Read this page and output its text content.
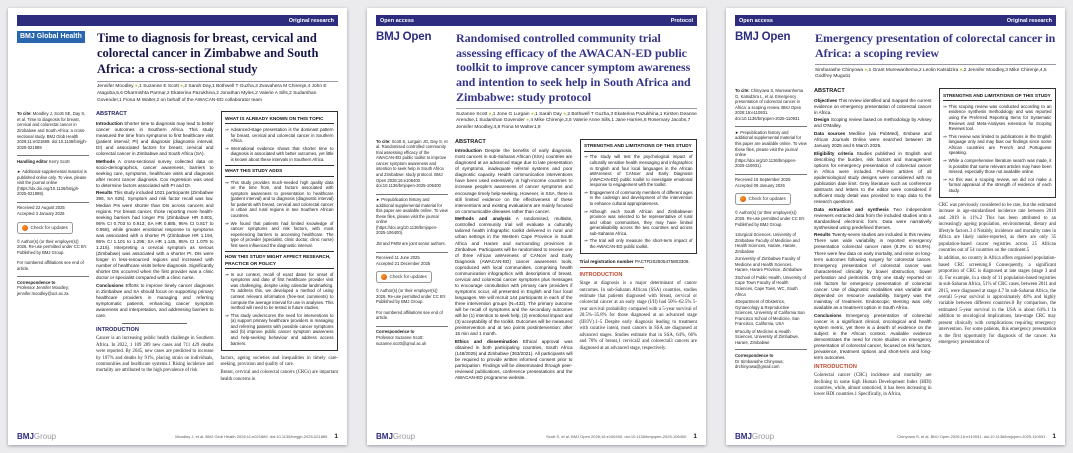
Original research
BMJ Global Health Time to diagnosis for breast, cervical and colorectal cancer in Zimbabwe and South Africa: a cross-sectional study
Jennifer Moodley ●,1 Suzanne E Scott ●,2 Sarah Day,1 Bothwell T Guzha,3 Zvavahera M Chirenje,4 John E Ataguba,5,6 Dharmishta Parmar,2 Ekaterina Pazukhina,2 Jonathan Myles,2 Valerie A Sills,2 Sudarshan Govender,1 Fiona M Walter,2 on behalf of the AWACAN-ED collaborator team
To cite: Moodley J, Scott SE, Day S, et al. Time to diagnosis for breast, cervical and colorectal cancer in Zimbabwe and South Africa: a cross-sectional study. BMJ Glob Health 2026;11:e021889. doi:10.1136/bmjgh-2025-021889
Handling editor Kerry Scott
► Additional supplemental material is published online only. To view, please visit the journal online (https://dx.doi.org/10.1136/bmjgh-2025-021889).
Received 22 August 2025
Accepted 3 January 2026
Check for updates
© Author(s) (or their employer(s)) 2026. Re-use permitted under CC BY. Published by BMJ Group.
For numbered affiliations see end of article.
Correspondence to
Professor Jennifer Moodley; jennifer.moodley@uct.ac.za
ABSTRACT

Introduction Shorter time to diagnosis may lead to better cancer outcomes in Southern Africa. This study measured the time from symptoms to first healthcare visit (patient interval; PI) and diagnosis (diagnostic interval; DI) and associated factors for breast, cervical and colorectal cancer in Zimbabwe and South Africa (SA).

Methods A cross-sectional survey collected data on socio-demographics, cancer awareness, barriers to seeking care, symptoms, healthcare visits and diagnosis after recent cancer diagnosis. Cox regression was used to determine factors associated with PI and DI.

Results This study included 1021 participants (Zimbabwe 396, SA 625). Symptom and risk factor recall was low. Median PIs were shorter than DIs across cancers and regions. For breast cancer, those reporting more health-seeking barriers had longer PIs (Zimbabwe HR 0.801, 95% CI 0.703 to 0.913; SA HR 0.885, 95% CI 0.817 to 0.958), while greater emotional response to symptoms was associated with a shorter PI (Zimbabwe HR 1.194, 95% CI 1.101 to 1.295; SA HR 1.145, 95% CI 1.079 to 1.216). Interpreting a cervical symptom as serious (Zimbabwe) was associated with a shorter PI. DIs were longer in less-resourced regions and increased with number of healthcare visits before diagnosis. Significantly shorter DIs occurred when the first provider was a clinic doctor or specialist compared with a clinic nurse.

Conclusions Efforts to improve timely cancer diagnosis in Zimbabwe and SA should focus on supporting primary healthcare providers in managing and referring symptomatic patients, enhancing cancer symptom awareness and interpretation, and addressing barriers to care.

INTRODUCTION
Cancer is an increasing public health challenge in Southern Africa. In 2022, 1 109 209 new cases and 711 429 deaths were reported. By 2045, new cases are predicted to increase by 107% and deaths by 91%, placing strain on individuals, communities and healthcare systems.1 Rising incidence and mortality are attributed to the high prevalence of risk
WHAT IS ALREADY KNOWN ON THIS TOPIC
⇒ Advanced-stage presentation is the dominant pattern for breast, cervical and colorectal cancer in Southern Africa.
⇒ International evidence shows that shorter time to diagnosis is associated with better outcomes, yet little is known about these intervals in Southern Africa.
WHAT THIS STUDY ADDS
⇒ This study provides much-needed high quality data on the time from, and factors associated with symptom awareness to presentation to healthcare (patient interval) and to diagnosis (diagnostic interval) for patients with breast, cervical and colorectal cancer in urban and rural regions in two Southern African countries.
⇒ We found that patients had limited knowledge of cancer symptoms and risk factors, with most experiencing barriers to accessing healthcare. The type of provider (specialist, clinic doctor, clinic nurse) first seen influenced the diagnostic interval.
HOW THIS STUDY MIGHT AFFECT RESEARCH, PRACTICE OR POLICY
⇒ In our context, recall of exact dates for onset of symptoms and date of first healthcare provider visit was challenging, despite using calendar landmarking. To address this, we developed a method of using context relevant information (free-text comments) to compute the average interval for use in analyses. This method will need to be tested in future studies.
⇒ This study underscores the need for interventions to (a) support primary healthcare providers in managing and referring patients with possible cancer symptoms and (b) improve public cancer symptom awareness and help-seeking behaviour and address access barriers.
factors, ageing societies and inequalities in timely care-seeking, provision and quality of care.
Breast, cervical and colorectal cancers (CRCs) are important health concerns in
BMJGroup	Moodley J, et al. BMJ Glob Health 2026;11:e021889. doi:10.1136/bmjgh-2025-021889 1
Open access	Protocol
BMJ Open	Randomised controlled community trial assessing efficacy of the AWACAN-ED public toolkit to improve cancer symptom awareness and intention to seek help in South Africa and Zimbabwe: study protocol
Suzanne Scott ●,1 Jone G Lurgain ●,1 Sarah Day ●,2 Bothwell T Guzha,3 Ekaterina Pazukhina,1 Kirsten Deanne Arendse,1 Sudarshan Govender ●,4 Mike Chirenje,3,5 Valerie Anne Sills,1 Jane Harries,6 Rosemary Jacobs,7 Jennifer Moodley,4,8 Fiona M Walter1,9
To cite: Scott S, Lurgain JG, Day S, et al. Randomised controlled community trial assessing efficacy of the AWACAN-ED public toolkit to improve cancer symptom awareness and intention to seek help in South Africa and Zimbabwe: study protocol. BMJ Open 2026;16:e106400. doi:10.1136/bmjopen-2025-106400
► Prepublication history and additional supplemental material for this paper are available online. To view these files, please visit the journal online (https://doi.org/10.1136/bmjopen-2025-106400).
JM and FMW are joint senior authors.
Received 11 June 2025
Accepted 21 December 2025
Check for updates
© Author(s) (or their employer(s)) 2026. Re-use permitted under CC BY. Published by BMJ Group.
For numbered affiliations see end of article.
Correspondence to
Professor Suzanne Scott; suzanne.scott@qmul.ac.uk
ABSTRACT

Introduction Despite the benefits of early diagnosis, most cancers in sub-Saharan African (SSA) countries are diagnosed at an advanced stage due to late presentation of symptoms, inadequate referral systems and poor diagnostic capacity. Health communication interventions have been used extensively in high-income countries to increase people's awareness of cancer symptoms and encourage timely help-seeking. However, in SSA, there is still limited evidence on the effectiveness of these interventions and existing evaluations are mainly focused on communicable diseases rather than cancer.

Methods and analysis A randomised, multisite, controlled community trial will evaluate a culturally tailored health infographic toolkit delivered in rural and urban settings in the Western Cape Province in South Africa and Harare and surrounding provinces in Zimbabwe. Participants will be randomised to receive one of three African aWAreness of CANcer and Early Diagnosis (AWACAN-ED) cancer awareness tools, coproduced with local communities, comprising health communication infographics with descriptions of breast, cervical and colorectal cancer symptoms plus messages to encourage consultation with primary care providers if symptoms occur, all presented in English and four local languages. We will recruit 144 participants in each of the three intervention groups (N=432). The primary outcome will be recall of symptoms and the secondary outcomes will be (1) intention to seek help, (2) emotional impact and (3) acceptability of the toolkit. Outcomes will be measured preintervention and at two points postintervention: after 15 min and 1 month.

Ethics and dissemination Ethical approval was obtained in both participating countries, South Africa (148/2025) and Zimbabwe (363/2021). All participants will be required to provide written informed consent prior to participation. Findings will be disseminated through peer-reviewed publications, conference presentations and the AWACAN-ED programme website.

STRENGTHS AND LIMITATIONS OF THIS STUDY
⇒ The study will test the psychological impact of culturally sensitive health messaging and infographics in English and four local languages in the African aWAreness of CANcer and Early Diagnosis (AWACAN-ED) public toolkit to investigate emotional response to engagement with the toolkit.
⇒ Engagement of community members of different ages in the codesign and development of the intervention to enhance cultural appropriateness.
⇒ Although each South African and Zimbabwean province was selected to be representative of rural and urban communities, they may have limited generalisability across the two countries and across sub-Saharan Africa.
⇒ The trial will only measure the short-term impact of the AWACAN-ED public toolkit.
Trial registration number PACTR202505475803308.
INTRODUCTION
Stage at diagnosis is a major determinant of cancer outcomes. In sub-Saharan African (SSA) countries, studies estimate that patients diagnosed with breast, cervical or colorectal cancer at an early stage (I/II) had 50%–62.5% 5-year survival probability compared with a 5-year survival of 20.5%–35.8% for those diagnosed at an advanced stage (III/IV).1–5 Despite early diagnosis leading to treatment with curative intent, most cancers in SSA are diagnosed at advanced stages. Studies estimate that in SSA, 64%, 66% and 70% of breast,1 cervical2 and colorectal3 cancers are diagnosed at an advanced stage, respectively.
BMJGroup	Scott S, et al. BMJ Open 2026;16:e106400. doi:10.1136/bmjopen-2025-106400 1
Open access	Original research
BMJ Open	Emergency presentation of colorectal cancer in Africa: a scoping review
Simbarashe Chinyowa ●,1 Grant Murewanhema,2 Leolin Katsidzira ●,2 Jennifer Moodley,3 Mike Chirenje,4,5 Godfrey Muguti1
To cite: Chinyowa S, Murewanhema G, Katsidzira L, et al. Emergency presentation of colorectal cancer in Africa: a scoping review. BMJ Open 2026;16:e110931. doi:10.1136/bmjopen-2025-110931
► Prepublication history and additional supplemental material for this paper are available online. To view these files, please visit the journal online (https://doi.org/10.1136/bmjopen-2025-110931).
Received 15 September 2025
Accepted 09 January 2026
Check for updates
© Author(s) (or their employer(s)) 2026. Re-use permitted under CC BY. Published by BMJ Group.
1Surgical Sciences, University of Zimbabwe Faculty of Medicine and Health Sciences, Harare, Harare, Zimbabwe
2University of Zimbabwe Faculty of Medicine and Health Sciences, Harare, Harare Province, Zimbabwe
3School of Public Health, University of Cape Town Faculty of Health Sciences, Cape Town, WC, South Africa
4Department of Obstetrics, Gynaecology & Reproductive Sciences, University of California San Francisco School of Medicine, San Francisco, California, USA
5Faculty of Medicine & Health Sciences, University of Zimbabwe, Harare, Zimbabwe
Correspondence to
Dr Simbarashe Chinyowa; drchinyowa@gmail.com
ABSTRACT

Objectives This review identified and mapped the current evidence on emergency presentation of colorectal cancer in Africa.

Design Scoping review based on methodology by Arksey and O'Malley.

Data sources Medline (via PubMed), Embase and African Journals Online were searched between 29 January 2025 and 6 March 2025.

Eligibility criteria Studies published in English and describing the burden, risk factors and management options for emergency presentation of colorectal cancer in Africa were included. Full-text articles of all epidemiological study designs were considered with no publication date limit. Grey literature such as conference abstracts and letters to the editor were considered if sufficient study detail was provided to map data to the research questions.

Data extraction and synthesis Two independent reviewers extracted data from the included studies onto a standardised electronic form. Data were narratively synthesised using predefined themes.

Results Twenty-seven studies are included in this review. There was wide variability in reported emergency presentation colorectal cancer rates (8.3% to 64.9%). There were few data on early mortality, and none on long-term outcomes following surgery for colorectal cancer. Emergency presentation of colorectal cancer was characterised clinically by bowel obstruction, bowel perforation and peritonitis. Only one study reported on risk factors for emergency presentation of colorectal cancer. Use of diagnostic modalities was variable and depended on resource availability. Surgery was the mainstay of treatment. Endoscopic stenting was only available as a treatment option in South Africa.

Conclusions Emergency presentation of colorectal cancer is a significant clinical, oncological and health system metric, yet there is a dearth of evidence on the subject in the African context. Available evidence demonstrates the need for more studies on emergency presentation of colorectal cancer, focused on risk factors, prevalence, treatment options and short-term and long-term outcomes.

INTRODUCTION
Colorectal cancer (CRC) incidence and mortality are declining in some high Human Development Index (HDI) countries, while, almost unnoticed, it has been increasing in lower HDI countries.1 Specifically, in Africa,
STRENGTHS AND LIMITATIONS OF THIS STUDY
⇒ This scoping review was conducted according to an evidence synthesis methodology and was reported using the Preferred Reporting Items for Systematic Reviews and Meta-Analyses extension for Scoping Reviews tool.
⇒ This review was limited to publications in the English language only and may bias our findings since some African countries are French and Portuguese speaking.
⇒ While a comprehensive literature search was made, it is possible that some relevant articles may have been missed, especially those not available online.
⇒ As this was a scoping review, we did not make a formal appraisal of the strength of evidence of each study.
CRC was previously considered to be rare, but the estimated increase in age-standardised incidence rate between 2010 and 2019 is 11%.2 This has been attributed to an increasingly ageing population, environmental, dietary and lifestyle factors.3 4 Notably, incidence and mortality rates in Africa are likely under-reported, as there are only 35 population-based cancer registries across 25 African countries out of 54 countries on the continent.5
In addition, no country in Africa offers organised population-based CRC screening.6 Consequently, a significant proportion of CRC is diagnosed at late stages (stage 3 and 4). For example, in a study of 11 population-based registries in sub-Saharan Africa, 51% of CRC cases, between 2011 and 2015, were diagnosed at stage 4.7 In sub-Saharan Africa, the overall 5-year survival is approximately 48% and highly variable between different countries.8 By comparison, the estimated 5-year survival in the USA is about 64%.1 In addition to oncological implications, late-stage CRC may present clinically with complications requiring emergency intervention. For some patients, this emergency presentation is the first opportunity for diagnosis of the cancer. An emergency presentation of
BMJGroup	Chinyowa S, et al. BMJ Open 2026;16:e110931. doi:10.1136/bmjopen-2025-110931 1
